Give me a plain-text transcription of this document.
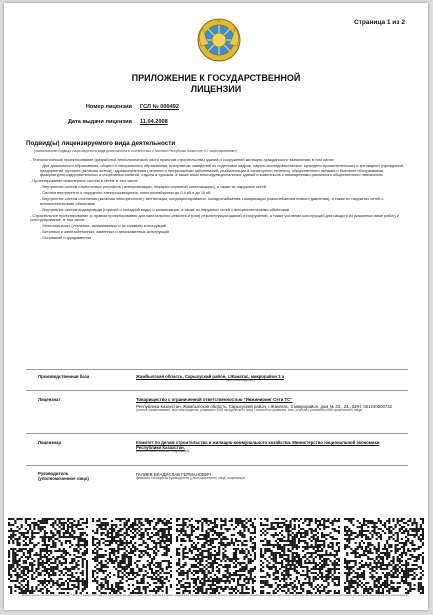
Страница 1 из 2
ПРИЛОЖЕНИЕ К ГОСУДАРСТВЕННОЙ
ЛИЦЕНЗИИ
Номер лицензии ГСЛ № 000492
Дата выдачи лицензии 11.04.2008
Подвид(ы) лицензируемого вида деятельности
(наименование подвида лицензируемого вида деятельности в соответствии с Законом Республики Казахстан «О лицензировании»)

- Технологическое проектирование (разработка технологической части проектов строительства) зданий и сооружений жилищно-гражданского назначения, в том числе:

- Для дошкольного образования, общего и специального образования, интернатов, заведений по подготовке кадров, научно-исследовательских, культурно-просветительских и зрелищных учреждений, предприятий торговли (включая аптеки), здравоохранения (лечения и профилактики заболеваний, реабилитации и санаторного лечения), общественного питания и бытового обслуживания, физкультурно-оздоровительных и спортивных занятий, отдыха и туризма, а также иных многофункциональных зданий и комплексов с помещениями различного общественного назначения

- Проектирование инженерных систем и сетей, в том числе:

- Внутренних систем слаботочных устройств (телефонизации, пожарно-охранной сигнализации), а также их наружных сетей

- Систем внутреннего и наружного электроосвещения, электроснабжения до 0,4 кВ и до 10 кВ

- Внутренних систем отопления (включая электрическое), вентиляции, кондиционирования, холодоснабжения, газификации (газоснабжения низкого давления), а также их наружных сетей с вспомогательными объектами

- Внутренних систем водопровода (горячей и холодной воды) и канализации, а также их наружных сетей с вспомогательными объектами

- Строительное проектирование (с правом проектирования для капитального ремонта и (или) реконструкции зданий и сооружений, а также усиления конструкций для каждого из указанных ниже работ) и конструирование, в том числе:

- Металлических (стальных, алюминиевых и из сплавов) конструкций

- Бетонных и железобетонных, каменных и армокаменных конструкций

- Оснований и фундаментов

Производственная база	Жамбылская область, Сарысуский район, г.Жанатас, микрорайон 3 а
(местонахождение)
Лицензиат	Товарищество с ограниченной ответственностью "Инжиниринг Сети ТС"
Республика Казахстан, Жамбылская область, Сарысуский район, г.Жанатас, 2 микрорайон, дом № 33., 24., БИН: 001240000732
(полное наименование, местонахождение, реквизиты БИН юридического лица / полностью фамилия, имя, отчество, реквизиты ИИН физического лица)
Лицензиар	Комитет по делам строительства и жилищно-коммунального хозяйства. Министерство национальной экономики Республики Казахстан.
(полное наименование лицензиара)
Руководитель
(уполномоченное лицо)
ГАЛИЕВ ВЛАДИСЛАВ ГЕРМАНОВИЧ
фамилия и инициалы руководителя (уполномоченного лица) лицензиара
Данный документ согласно пункту 1 статьи 7 ЗРК от 7 января 2003 года «Об электронном документе и электронной цифровой подписи» равнозначен документу на бумажном носителе. Данный документ сформирован порталом электронного правительства. Проверить подлинность электронного документа вы можете на портале www.elicense.kz.
